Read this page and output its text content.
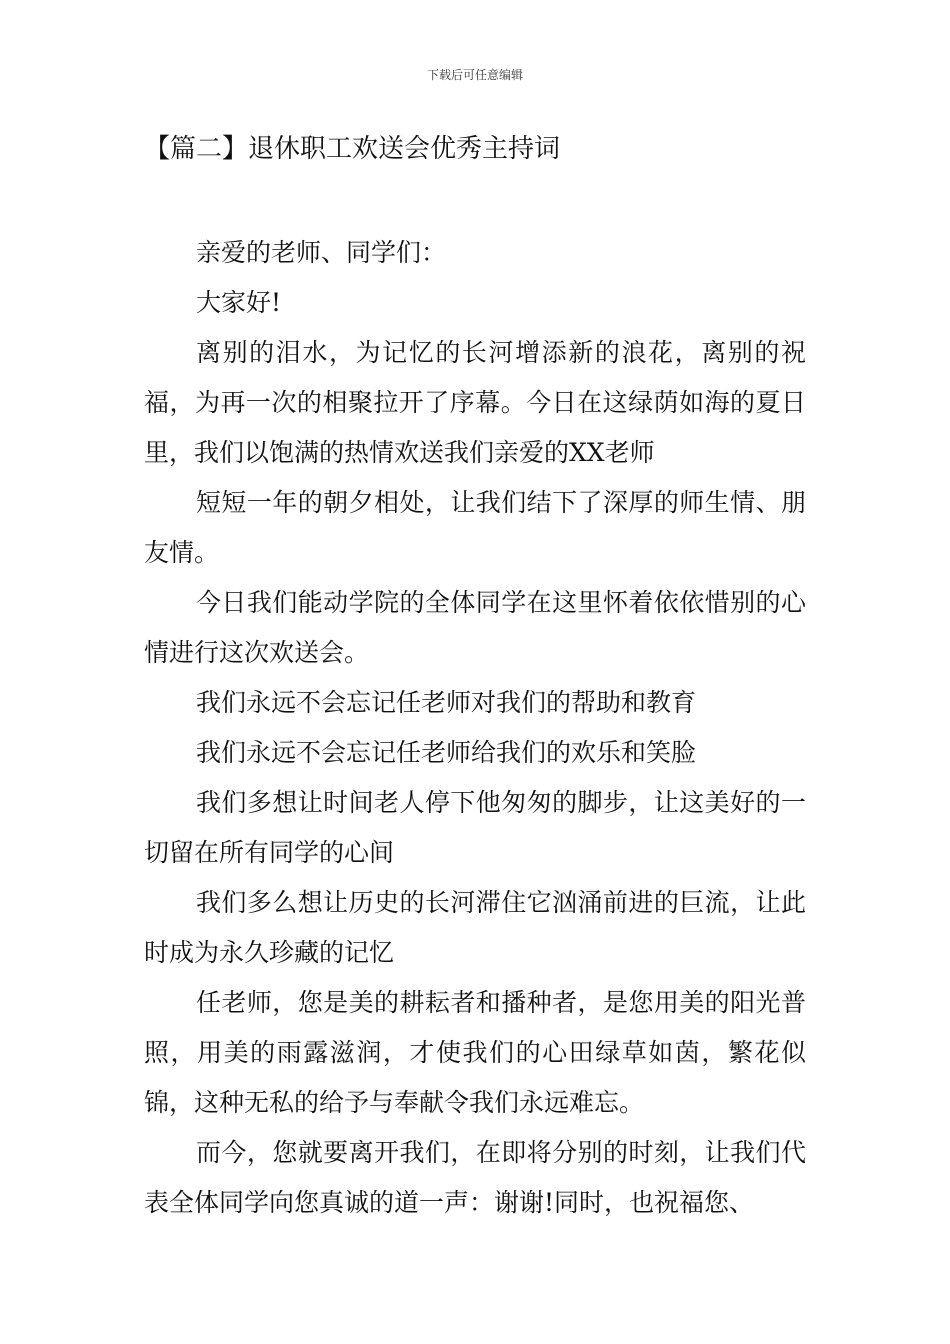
下载后可任意编辑
【篇二】退休职工欢送会优秀主持词

亲爱的老师、同学们：

大家好!

离别的泪水，为记忆的长河增添新的浪花，离别的祝福，为再一次的相聚拉开了序幕。今日在这绿荫如海的夏日里，我们以饱满的热情欢送我们亲爱的XX老师

短短一年的朝夕相处，让我们结下了深厚的师生情、朋友情。

今日我们能动学院的全体同学在这里怀着依依惜别的心情进行这次欢送会。

我们永远不会忘记任老师对我们的帮助和教育

我们永远不会忘记任老师给我们的欢乐和笑脸

我们多想让时间老人停下他匆匆的脚步，让这美好的一切留在所有同学的心间

我们多么想让历史的长河滞住它汹涌前进的巨流，让此时成为永久珍藏的记忆

任老师，您是美的耕耘者和播种者，是您用美的阳光普照，用美的雨露滋润，才使我们的心田绿草如茵，繁花似锦，这种无私的给予与奉献令我们永远难忘。

而今，您就要离开我们，在即将分别的时刻，让我们代表全体同学向您真诚的道一声：谢谢!同时，也祝福您、
